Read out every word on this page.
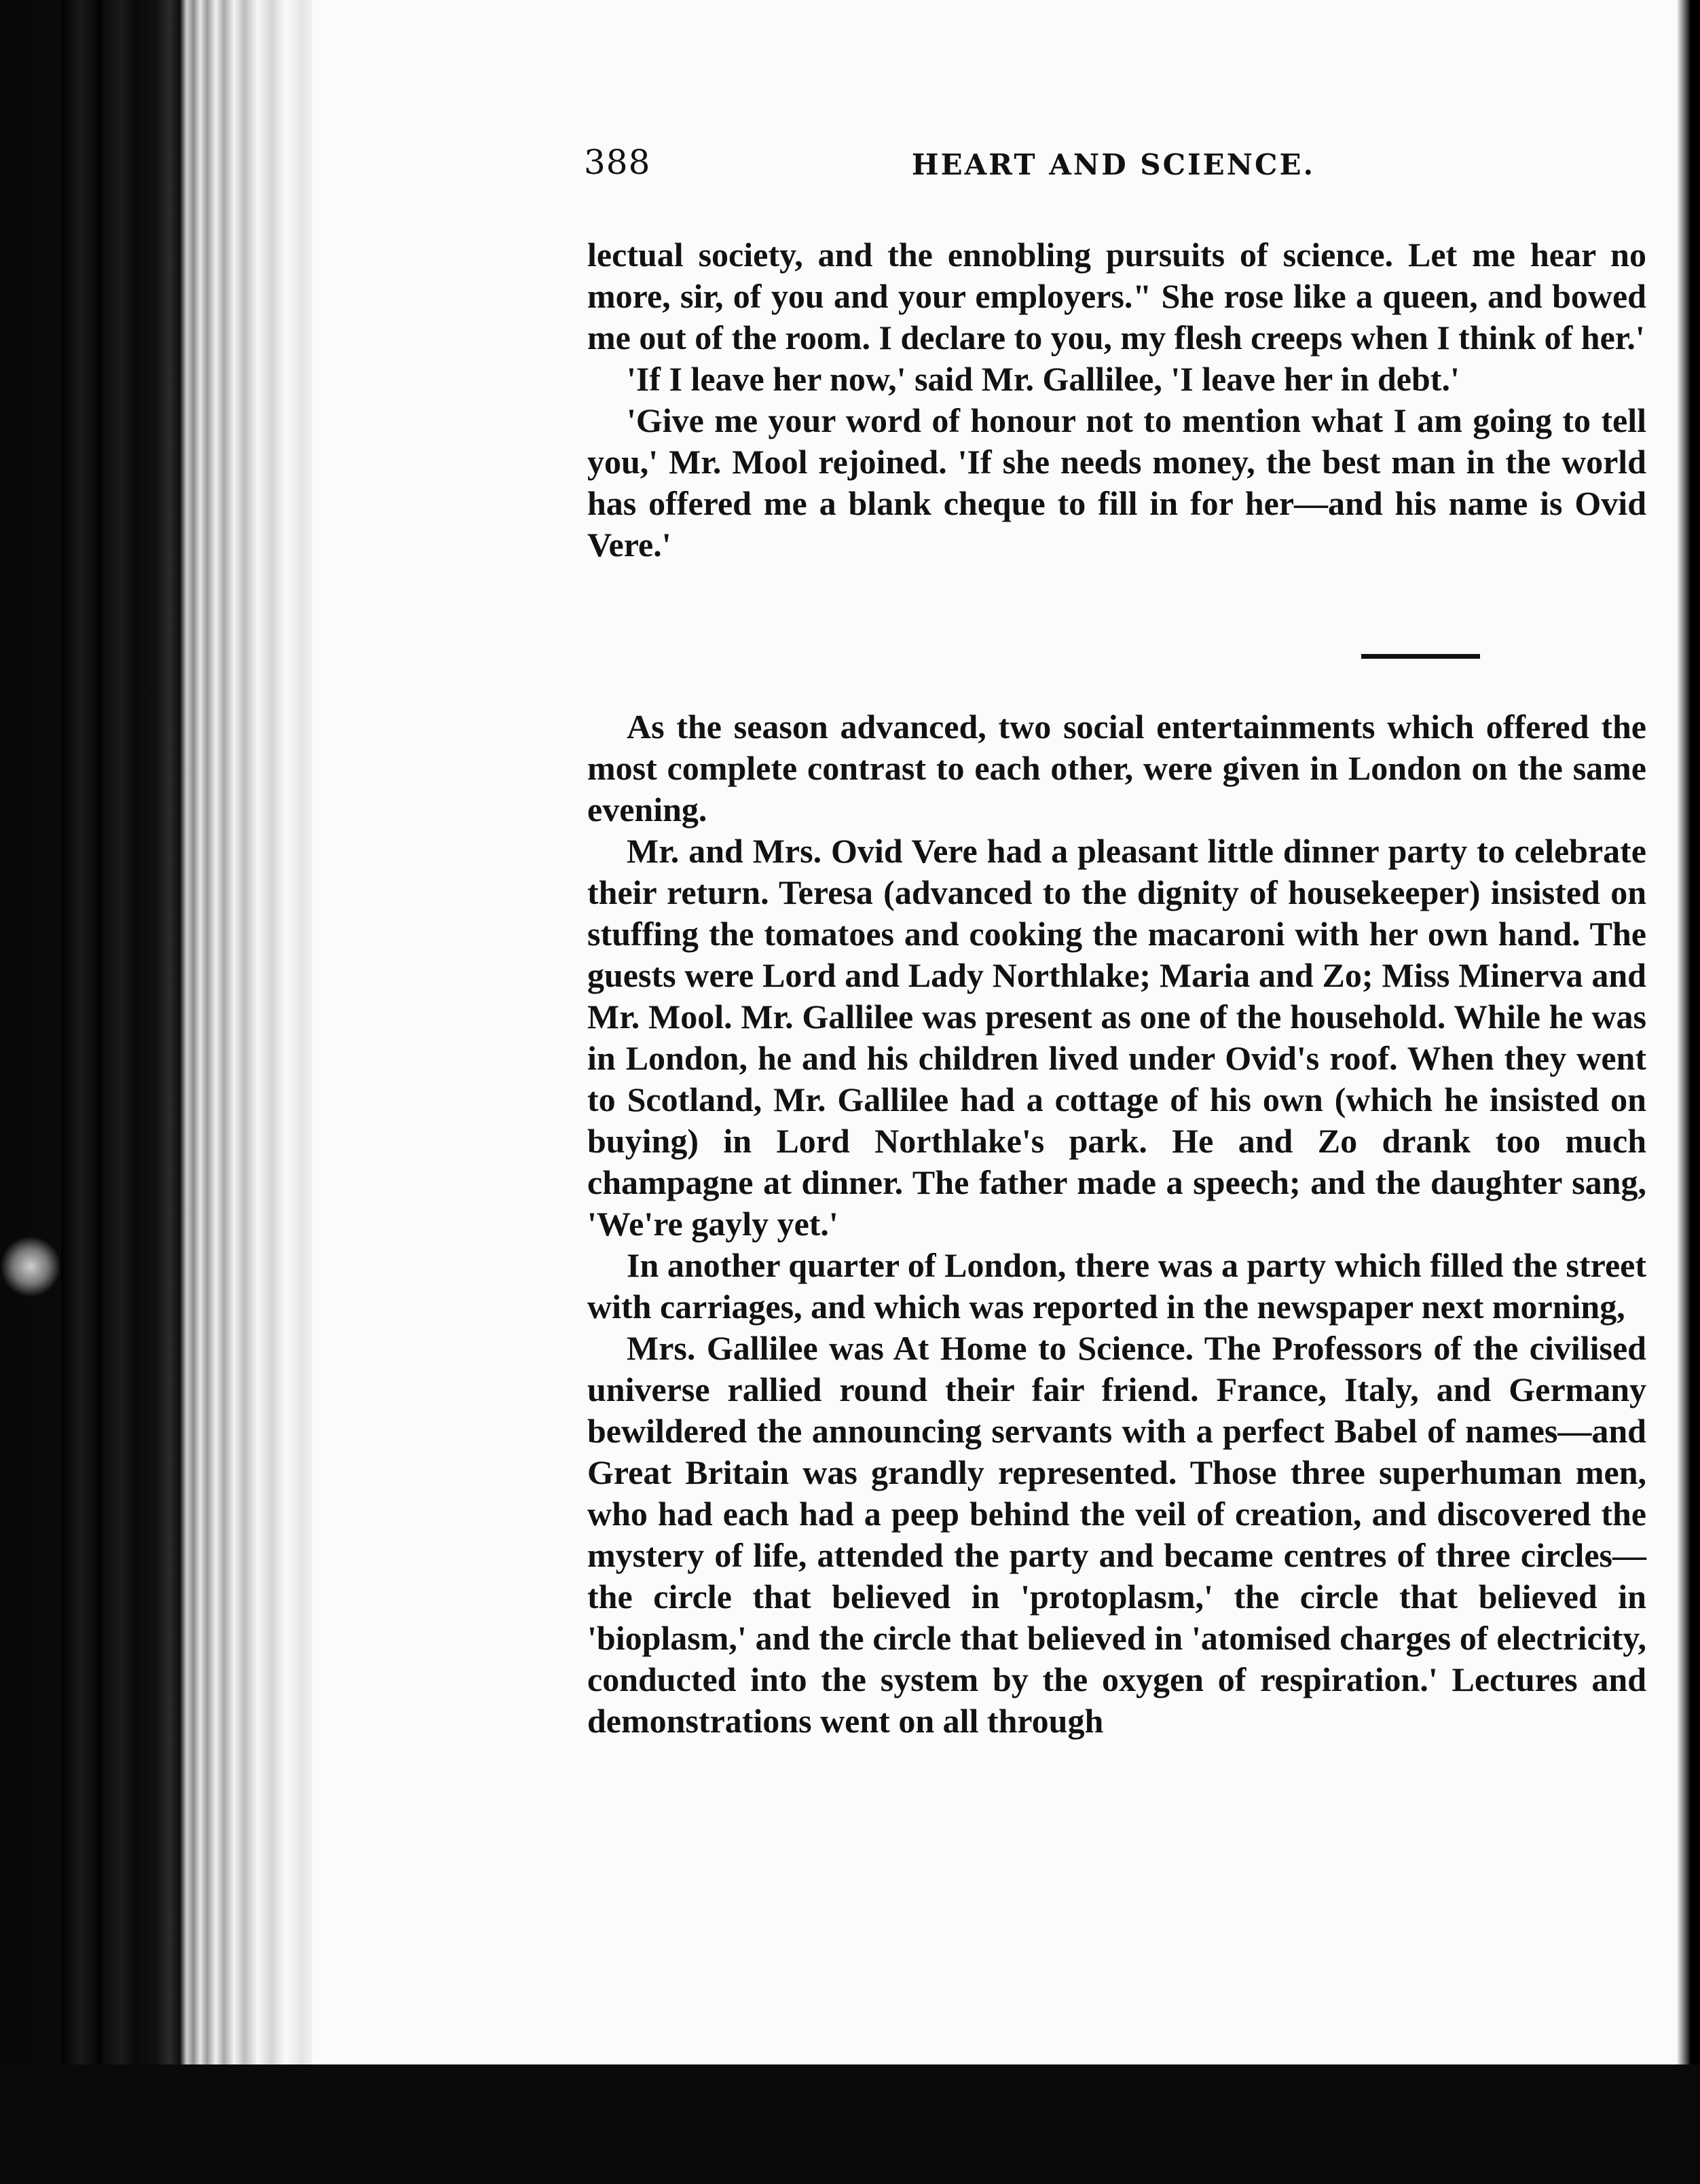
388	HEART AND SCIENCE.

lectual society, and the ennobling pursuits of science. Let me hear no more, sir, of you and your employers." She rose like a queen, and bowed me out of the room. I declare to you, my flesh creeps when I think of her.'

'If I leave her now,' said Mr. Gallilee, 'I leave her in debt.'

'Give me your word of honour not to mention what I am going to tell you,' Mr. Mool rejoined. 'If she needs money, the best man in the world has offered me a blank cheque to fill in for her—and his name is Ovid Vere.'

As the season advanced, two social entertainments which offered the most complete contrast to each other, were given in London on the same evening.

Mr. and Mrs. Ovid Vere had a pleasant little dinner party to celebrate their return. Teresa (advanced to the dignity of housekeeper) insisted on stuffing the tomatoes and cooking the macaroni with her own hand. The guests were Lord and Lady Northlake; Maria and Zo; Miss Minerva and Mr. Mool. Mr. Gallilee was present as one of the household. While he was in London, he and his children lived under Ovid's roof. When they went to Scotland, Mr. Gallilee had a cottage of his own (which he insisted on buying) in Lord Northlake's park. He and Zo drank too much champagne at dinner. The father made a speech; and the daughter sang, 'We're gayly yet.'

In another quarter of London, there was a party which filled the street with carriages, and which was reported in the newspaper next morning,

Mrs. Gallilee was At Home to Science. The Professors of the civilised universe rallied round their fair friend. France, Italy, and Germany bewildered the announcing servants with a perfect Babel of names—and Great Britain was grandly represented. Those three superhuman men, who had each had a peep behind the veil of creation, and discovered the mystery of life, attended the party and became centres of three circles—the circle that believed in 'protoplasm,' the circle that believed in 'bioplasm,' and the circle that believed in 'atomised charges of electricity, conducted into the system by the oxygen of respiration.' Lectures and demonstrations went on all through
